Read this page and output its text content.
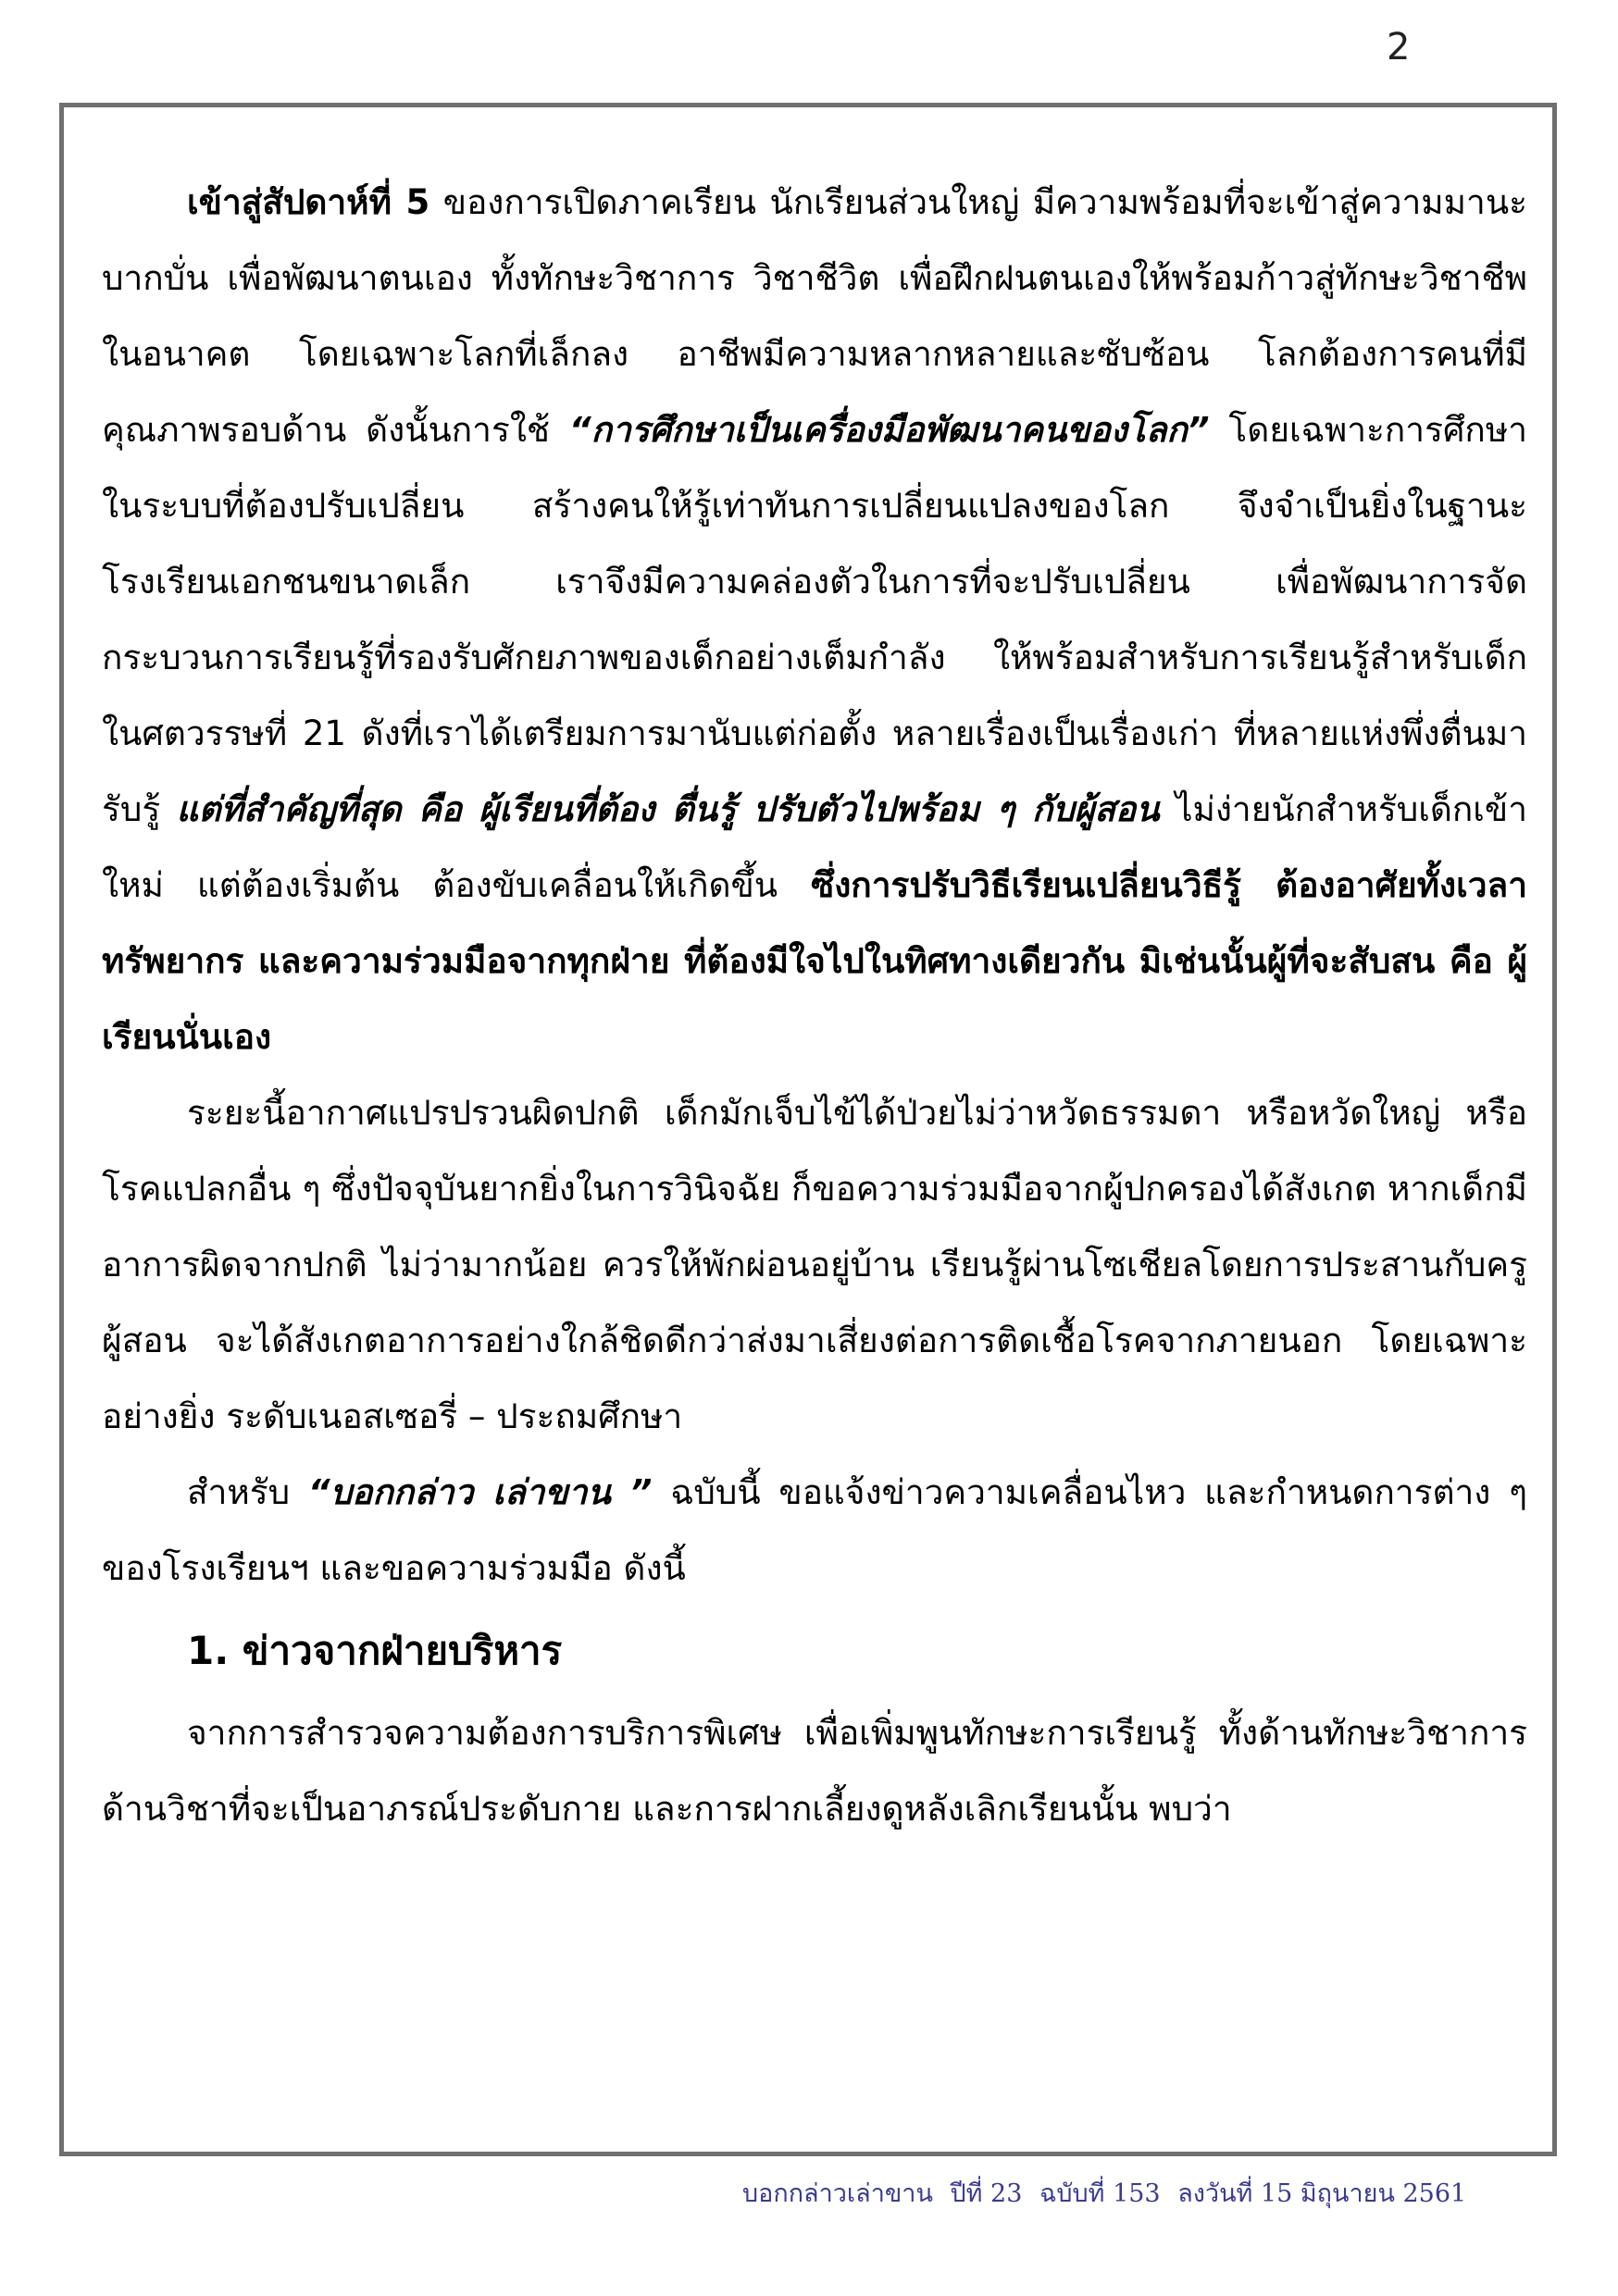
2

เข้าสู่สัปดาห์ที่ 5 ของการเปิดภาคเรียน นักเรียนส่วนใหญ่ มีความพร้อมที่จะเข้าสู่ความมานะ บากบั่น เพื่อพัฒนาตนเอง ทั้งทักษะวิชาการ วิชาชีวิต เพื่อฝึกฝนตนเองให้พร้อมก้าวสู่ทักษะวิชาชีพในอนาคต โดยเฉพาะโลกที่เล็กลง อาชีพมีความหลากหลายและซับซ้อน โลกต้องการคนที่มีคุณภาพรอบด้าน ดังนั้นการใช้ “การศึกษาเป็นเครื่องมือพัฒนาคนของโลก” โดยเฉพาะการศึกษาในระบบที่ต้องปรับเปลี่ยน สร้างคนให้รู้เท่าทันการเปลี่ยนแปลงของโลก จึงจำเป็นยิ่งในฐานะโรงเรียนเอกชนขนาดเล็ก เราจึงมีความคล่องตัวในการที่จะปรับเปลี่ยน เพื่อพัฒนาการจัดกระบวนการเรียนรู้ที่รองรับศักยภาพของเด็กอย่างเต็มกำลัง ให้พร้อมสำหรับการเรียนรู้สำหรับเด็กในศตวรรษที่ 21 ดังที่เราได้เตรียมการมานับแต่ก่อตั้ง หลายเรื่องเป็นเรื่องเก่า ที่หลายแห่งพึ่งตื่นมารับรู้ แต่ที่สำคัญที่สุด คือ ผู้เรียนที่ต้อง ตื่นรู้ ปรับตัวไปพร้อม ๆ กับผู้สอน ไม่ง่ายนักสำหรับเด็กเข้าใหม่ แต่ต้องเริ่มต้น ต้องขับเคลื่อนให้เกิดขึ้น ซึ่งการปรับวิธีเรียนเปลี่ยนวิธีรู้ ต้องอาศัยทั้งเวลา ทรัพยากร และความร่วมมือจากทุกฝ่าย ที่ต้องมีใจไปในทิศทางเดียวกัน มิเช่นนั้นผู้ที่จะสับสน คือ ผู้เรียนนั่นเอง

ระยะนี้อากาศแปรปรวนผิดปกติ เด็กมักเจ็บไข้ได้ป่วยไม่ว่าหวัดธรรมดา หรือหวัดใหญ่ หรือโรคแปลกอื่น ๆ ซึ่งปัจจุบันยากยิ่งในการวินิจฉัย ก็ขอความร่วมมือจากผู้ปกครองได้สังเกต หากเด็กมีอาการผิดจากปกติ ไม่ว่ามากน้อย ควรให้พักผ่อนอยู่บ้าน เรียนรู้ผ่านโซเชียลโดยการประสานกับครูผู้สอน จะได้สังเกตอาการอย่างใกล้ชิดดีกว่าส่งมาเสี่ยงต่อการติดเชื้อโรคจากภายนอก โดยเฉพาะอย่างยิ่ง ระดับเนอสเซอรี่ – ประถมศึกษา

สำหรับ “บอกกล่าว เล่าขาน ” ฉบับนี้ ขอแจ้งข่าวความเคลื่อนไหว และกำหนดการต่าง ๆ ของโรงเรียนฯ และขอความร่วมมือ ดังนี้

1. ข่าวจากฝ่ายบริหาร

จากการสำรวจความต้องการบริการพิเศษ เพื่อเพิ่มพูนทักษะการเรียนรู้ ทั้งด้านทักษะวิชาการ ด้านวิชาที่จะเป็นอาภรณ์ประดับกาย และการฝากเลี้ยงดูหลังเลิกเรียนนั้น พบว่า

บอกกล่าวเล่าขาน ปีที่ 23 ฉบับที่ 153 ลงวันที่ 15 มิถุนายน 2561
